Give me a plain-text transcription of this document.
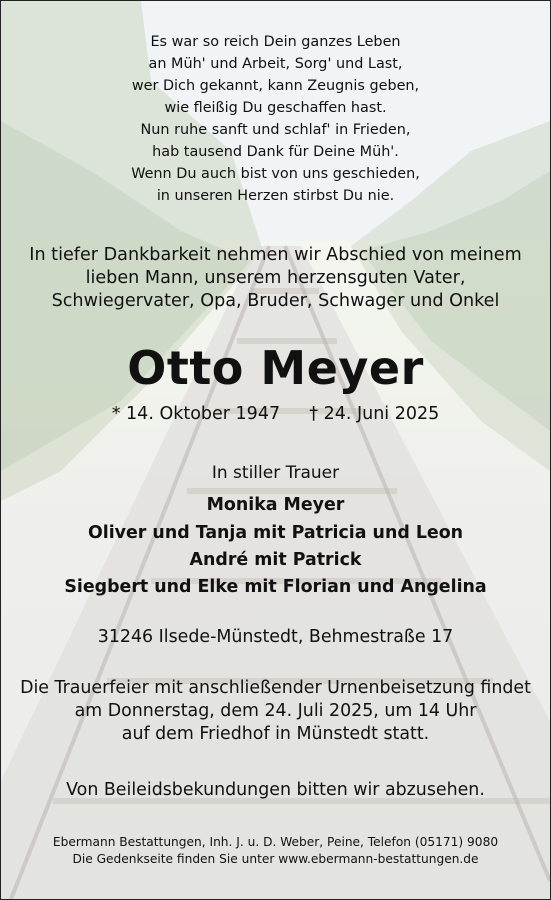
Es war so reich Dein ganzes Leben
an Müh' und Arbeit, Sorg' und Last,
wer Dich gekannt, kann Zeugnis geben,
wie fleißig Du geschaffen hast.
Nun ruhe sanft und schlaf' in Frieden,
hab tausend Dank für Deine Müh'.
Wenn Du auch bist von uns geschieden,
in unseren Herzen stirbst Du nie.
In tiefer Dankbarkeit nehmen wir Abschied von meinem
lieben Mann, unserem herzensguten Vater,
Schwiegervater, Opa, Bruder, Schwager und Onkel
Otto Meyer
* 14. Oktober 1947 † 24. Juni 2025
In stiller Trauer
Monika Meyer
Oliver und Tanja mit Patricia und Leon
André mit Patrick
Siegbert und Elke mit Florian und Angelina
31246 Ilsede-Münstedt, Behmestraße 17
Die Trauerfeier mit anschließender Urnenbeisetzung findet
am Donnerstag, dem 24. Juli 2025, um 14 Uhr
auf dem Friedhof in Münstedt statt.
Von Beileidsbekundungen bitten wir abzusehen.
Ebermann Bestattungen, Inh. J. u. D. Weber, Peine, Telefon (05171) 9080
Die Gedenkseite finden Sie unter www.ebermann-bestattungen.de
